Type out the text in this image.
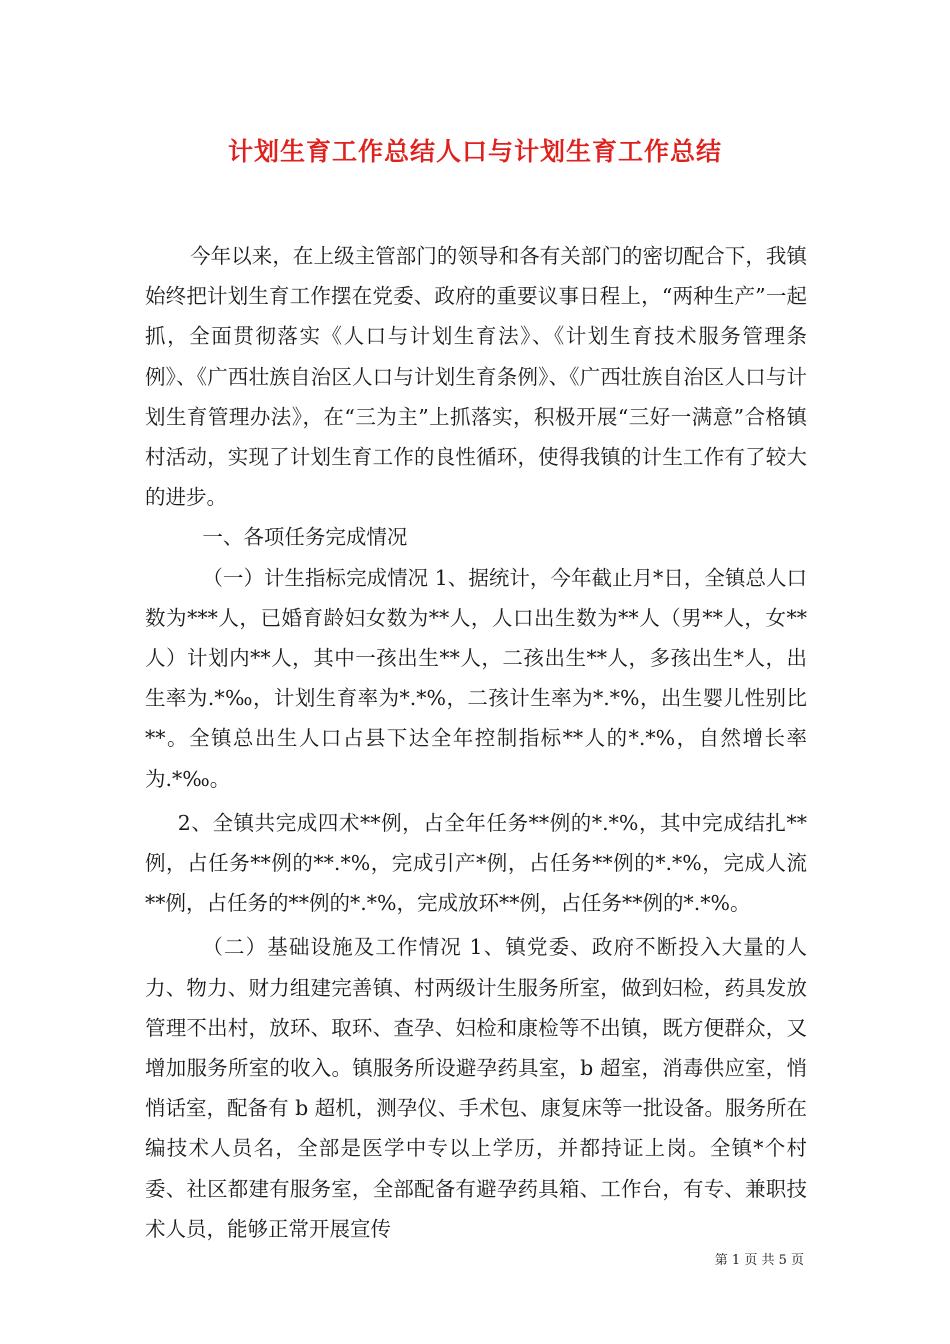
计划生育工作总结人口与计划生育工作总结

今年以来，在上级主管部门的领导和各有关部门的密切配合下，我镇始终把计划生育工作摆在党委、政府的重要议事日程上，“两种生产”一起抓，全面贯彻落实《人口与计划生育法》、《计划生育技术服务管理条例》、《广西壮族自治区人口与计划生育条例》、《广西壮族自治区人口与计划生育管理办法》，在“三为主”上抓落实，积极开展“三好一满意”合格镇村活动，实现了计划生育工作的良性循环，使得我镇的计生工作有了较大的进步。

一、各项任务完成情况

（一）计生指标完成情况 1、据统计，今年截止月*日，全镇总人口数为***人，已婚育龄妇女数为**人，人口出生数为**人（男**人，女**人）计划内**人，其中一孩出生**人，二孩出生**人，多孩出生*人，出生率为.*‰，计划生育率为*.*%，二孩计生率为*.*%，出生婴儿性别比**。全镇总出生人口占县下达全年控制指标**人的*.*%，自然增长率为.*‰。

2、全镇共完成四术**例，占全年任务**例的*.*%，其中完成结扎**例，占任务**例的**.*%，完成引产*例，占任务**例的*.*%，完成人流**例，占任务的**例的*.*%，完成放环**例，占任务**例的*.*%。

（二）基础设施及工作情况 1、镇党委、政府不断投入大量的人力、物力、财力组建完善镇、村两级计生服务所室，做到妇检，药具发放管理不出村，放环、取环、查孕、妇检和康检等不出镇，既方便群众，又增加服务所室的收入。镇服务所设避孕药具室，b 超室，消毒供应室，悄悄话室，配备有 b 超机，测孕仪、手术包、康复床等一批设备。服务所在编技术人员名，全部是医学中专以上学历，并都持证上岗。全镇*个村委、社区都建有服务室，全部配备有避孕药具箱、工作台，有专、兼职技术人员，能够正常开展宣传

第 1 页 共 5 页
